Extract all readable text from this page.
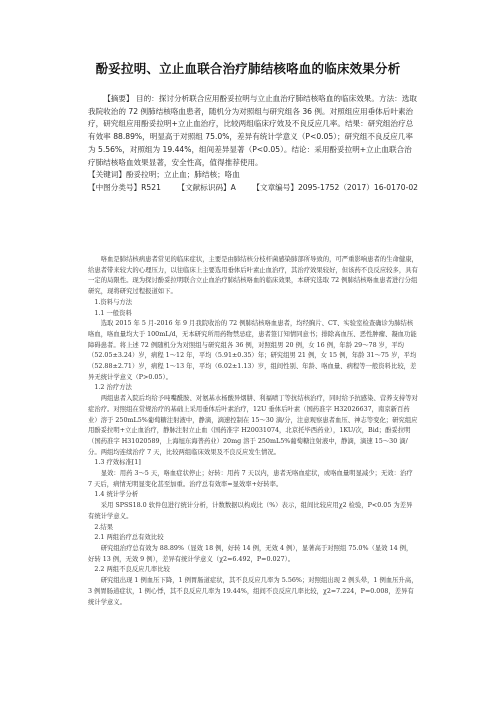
酚妥拉明、立止血联合治疗肺结核咯血的临床效果分析

【摘要】 目的：探讨分析联合应用酚妥拉明与立止血治疗肺结核咯血的临床效果。方法：选取我院收治的 72 例肺结核咯血患者，随机分为对照组与研究组各 36 例。对照组应用垂体后叶素治疗，研究组应用酚妥拉明+立止血治疗，比较两组临床疗效及不良反应几率。结果：研究组治疗总有效率 88.89%，明显高于对照组 75.0%，差异有统计学意义（P<0.05）；研究组不良反应几率为 5.56%，对照组为 19.44%，组间差异显著（P<0.05）。结论：采用酚妥拉明+立止血联合治疗肺结核咯血效果显著，安全性高，值得推荐使用。

【关键词】酚妥拉明；立止血；肺结核；咯血

【中图分类号】R521 【文献标识码】A 【文章编号】2095-1752（2017）16-0170-02

咯血是肺结核病患者常见的临床症状，主要是由肺结核分枝杆菌感染肺部所导致的，可严重影响患者的生命健康，给患者带来较大的心理压力，以往临床上主要选用垂体后叶素止血治疗，其治疗效果较好，但该药不良反应较多，具有一定的局限性。现为探讨酚妥拉明联合立止血治疗肺结核咯血的临床效果，本研究选取 72 例肺结核咯血患者进行分组研究，现将研究过程报道如下。

1.资料与方法

1.1 一般资料

选取 2015 年 5 月-2016 年 9 月我院收治的 72 例肺结核咯血患者，均经胸片、CT、实验室检查确诊为肺结核咯血，咯血量均大于 100mL/d，无本研究所用药物禁忌症，患者签订知情同意书；排除高血压、恶性肿瘤、凝血功能障碍患者。将上述 72 例随机分为对照组与研究组各 36 例，对照组男 20 例，女 16 例，年龄 29～78 岁，平均（52.05±3.24）岁，病程 1～12 年，平均（5.91±0.35）年；研究组男 21 例，女 15 例，年龄 31～75 岁，平均（52.88±2.71）岁，病程 1～13 年，平均（6.02±1.13）岁，组间性别、年龄、咯血量、病程等一般资料比较，差异无统计学意义（P>0.05）。

1.2 治疗方法

两组患者入院后均给予吨嘴酰胺、对氨基水杨酸异烟肼、利福喷丁等抗结核治疗，同时给予抗感染、营养支持等对症治疗。对照组在常规治疗的基础上采用垂体后叶素治疗，12U 垂体后叶素（国药准字 H32026637，南京新百药业）溶于 250mL5%葡萄糖注射液中，静滴，滴速控制在 15～30 滴/分，注意观察患者血压、神志等变化；研究组应用酚妥拉明+立止血治疗，静脉注射立止血（国药准字 H20031074，北京托毕西药业），1KU/次，Bid；酚妥拉明（国药准字 H31020589，上海旭东海普药业）20mg 溶于 250mL5%葡萄糖注射液中，静滴，滴速 15～30 滴/分。两组均连续治疗 7 天，比较两组临床效果及不良反应发生情况。

1.3 疗效标准[1]

显效：用药 3～5 天，咯血症状停止；好转：用药 7 天以内，患者无咯血症状，或咯血量明显减少；无效：治疗 7 天后，病情无明显变化甚至加重。治疗总有效率=显效率+好转率。

1.4 统计学分析

采用 SPSS18.0 软件包进行统计分析，计数数据以构成比（%）表示，组间比较应用χ2 检验，P<0.05 为差异有统计学意义。

2.结果

2.1 两组治疗总有效比较

研究组治疗总有效为 88.89%（显效 18 例，好转 14 例，无效 4 例），显著高于对照组 75.0%（显效 14 例，好转 13 例，无效 9 例），差异有统计学意义（χ2=6.492，P=0.027）。

2.2 两组不良反应几率比较

研究组出现 1 例血压下降，1 例胃肠道症状，其不良反应几率为 5.56%；对照组出现 2 例头晕，1 例血压升高，3 例胃肠道症状，1 例心悸，其不良反应几率为 19.44%，组间不良反应几率比较，χ2=7.224，P=0.008，差异有统计学意义。
